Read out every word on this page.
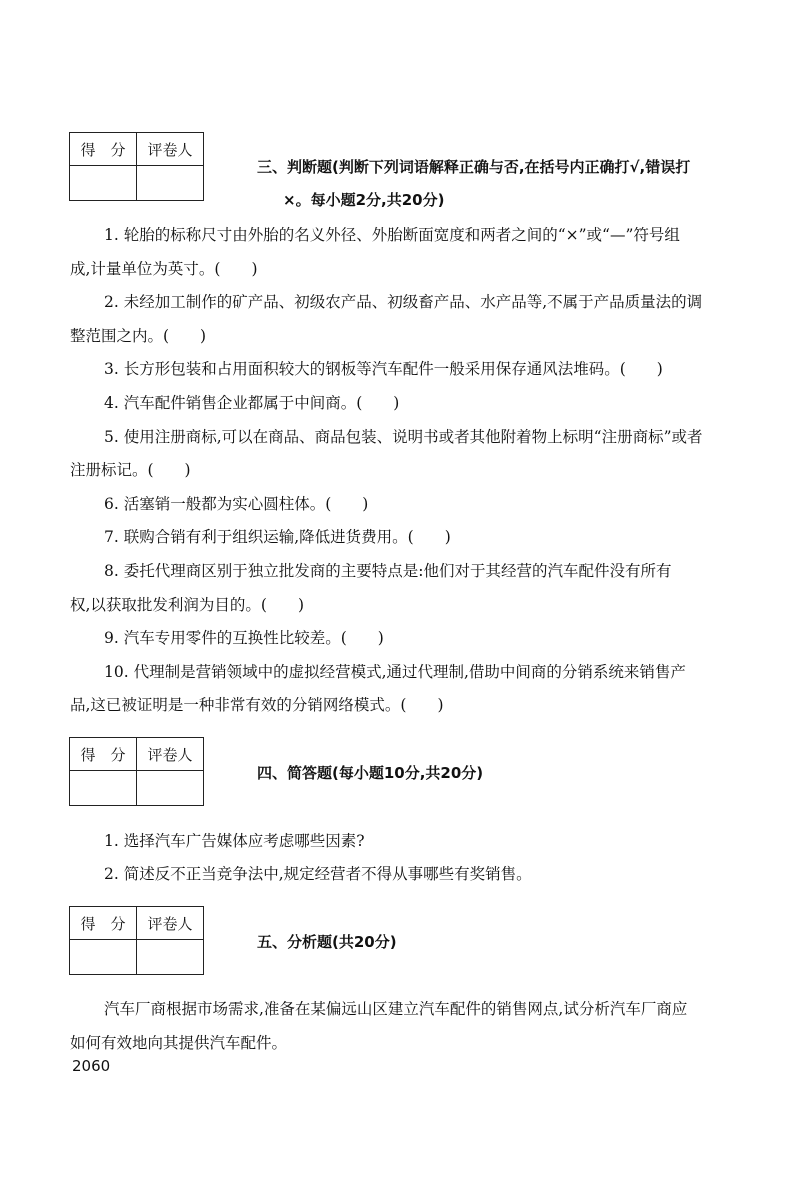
得　分	评卷人

三、判断题(判断下列词语解释正确与否,在括号内正确打√,错误打
×。每小题2分,共20分)
1. 轮胎的标称尺寸由外胎的名义外径、外胎断面宽度和两者之间的“×”或“—”符号组
成,计量单位为英寸。(　　)
2. 未经加工制作的矿产品、初级农产品、初级畜产品、水产品等,不属于产品质量法的调
整范围之内。(　　)
3. 长方形包装和占用面积较大的钢板等汽车配件一般采用保存通风法堆码。(　　)
4. 汽车配件销售企业都属于中间商。(　　)
5. 使用注册商标,可以在商品、商品包装、说明书或者其他附着物上标明“注册商标”或者
注册标记。(　　)
6. 活塞销一般都为实心圆柱体。(　　)
7. 联购合销有利于组织运输,降低进货费用。(　　)
8. 委托代理商区别于独立批发商的主要特点是:他们对于其经营的汽车配件没有所有
权,以获取批发利润为目的。(　　)
9. 汽车专用零件的互换性比较差。(　　)
10. 代理制是营销领域中的虚拟经营模式,通过代理制,借助中间商的分销系统来销售产
品,这已被证明是一种非常有效的分销网络模式。(　　)
得　分	评卷人

四、简答题(每小题10分,共20分)
1. 选择汽车广告媒体应考虑哪些因素?
2. 简述反不正当竞争法中,规定经营者不得从事哪些有奖销售。
得　分	评卷人

五、分析题(共20分)
汽车厂商根据市场需求,准备在某偏远山区建立汽车配件的销售网点,试分析汽车厂商应
如何有效地向其提供汽车配件。
2060
